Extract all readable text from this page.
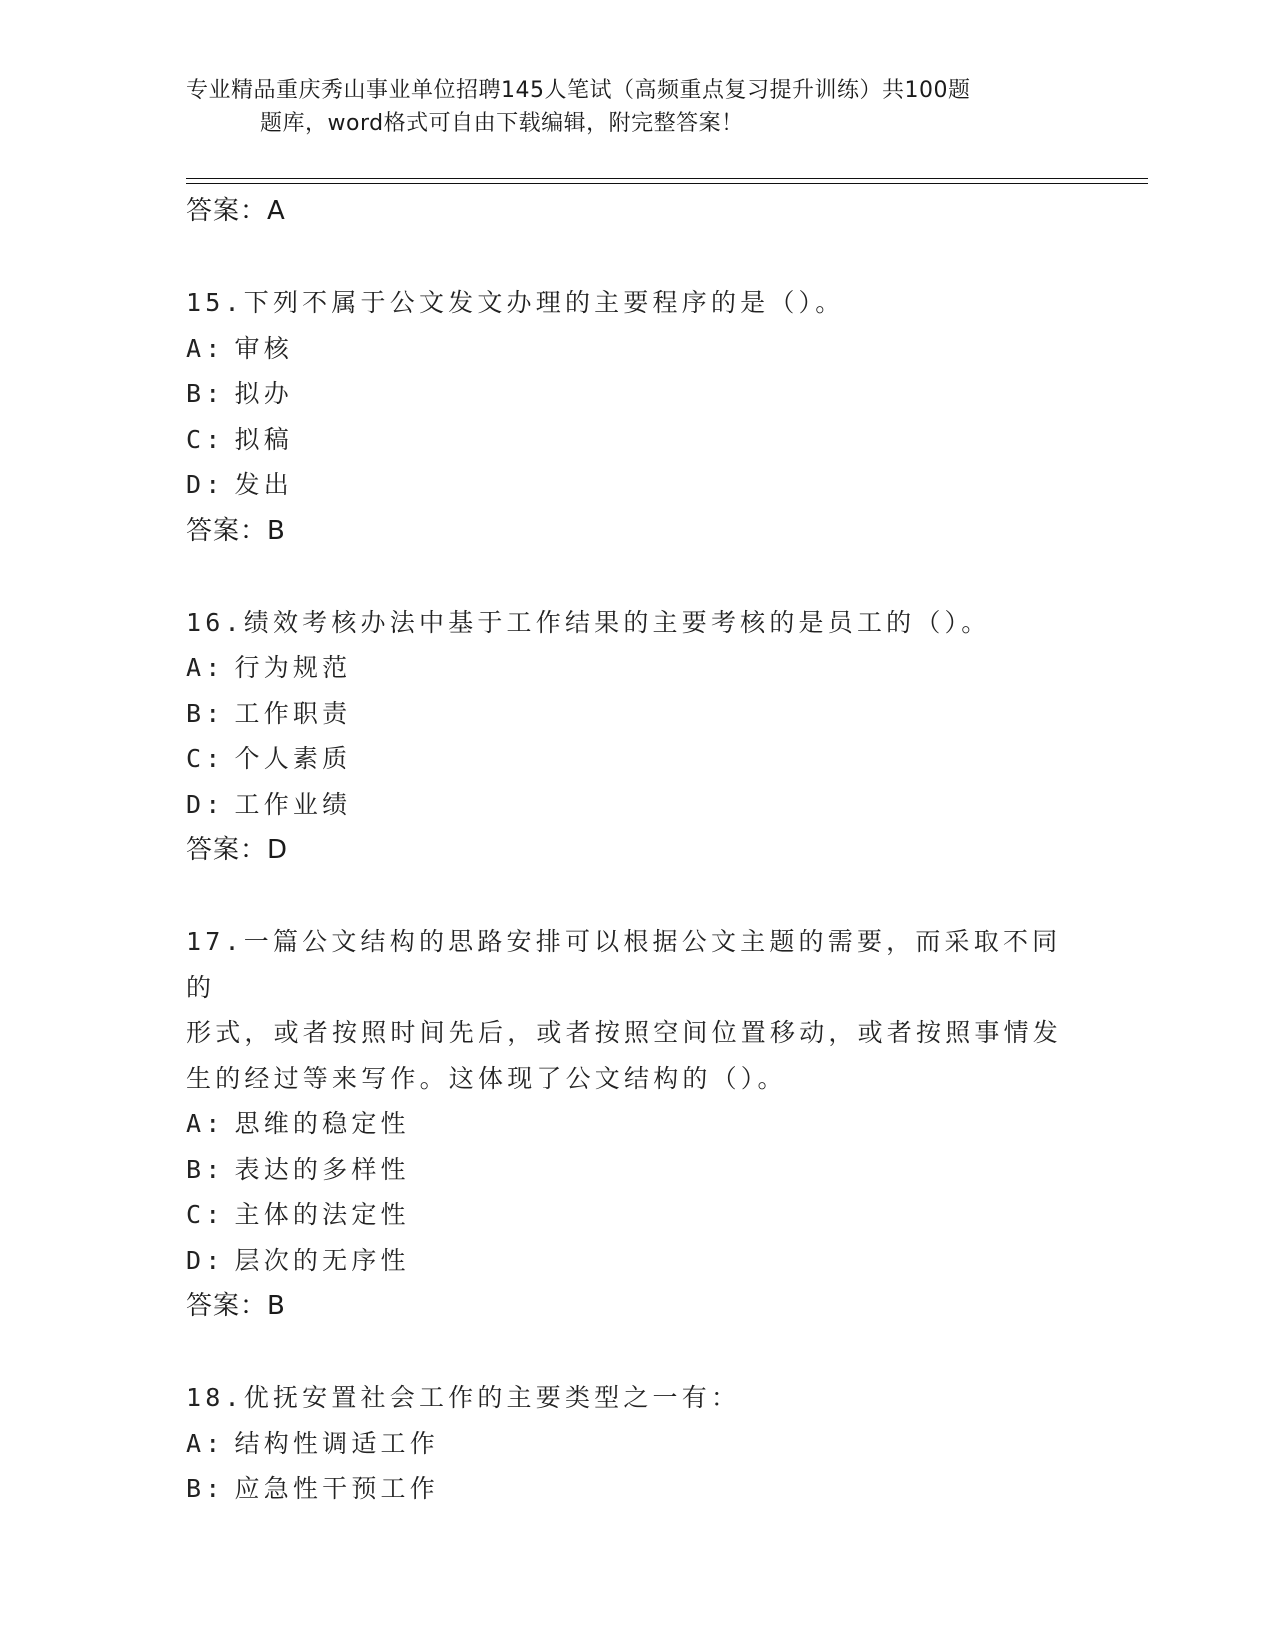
专业精品重庆秀山事业单位招聘145人笔试（高频重点复习提升训练）共100题
题库，word格式可自由下载编辑，附完整答案！
答案：A
15.下列不属于公文发文办理的主要程序的是（）。
A: 审核
B: 拟办
C: 拟稿
D: 发出
答案：B
16.绩效考核办法中基于工作结果的主要考核的是员工的（）。
A: 行为规范
B: 工作职责
C: 个人素质
D: 工作业绩
答案：D
17.一篇公文结构的思路安排可以根据公文主题的需要，而采取不同的
形式，或者按照时间先后，或者按照空间位置移动，或者按照事情发
生的经过等来写作。这体现了公文结构的（）。
A: 思维的稳定性
B: 表达的多样性
C: 主体的法定性
D: 层次的无序性
答案：B
18.优抚安置社会工作的主要类型之一有：
A: 结构性调适工作
B: 应急性干预工作
